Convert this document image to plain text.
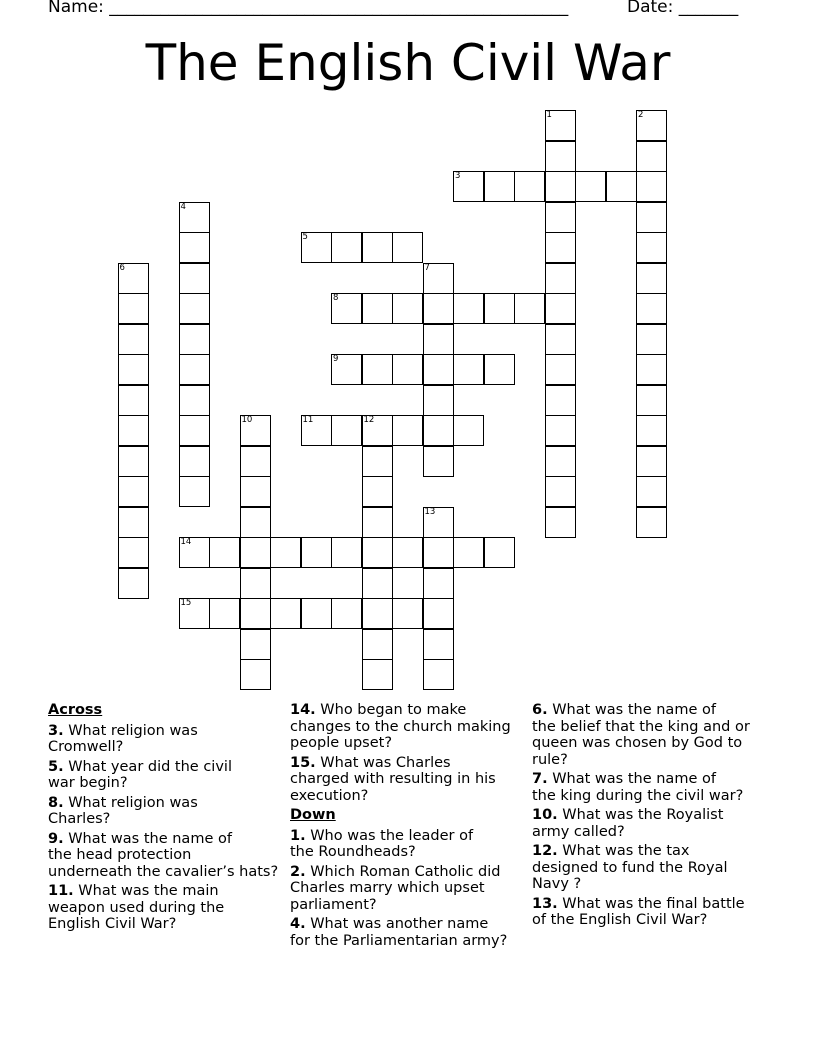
Name: ______________________________________________________	Date: _______
The English Civil War
1	2
3
4
5
6	7
8
9
10	11	12
13
14
15
Across
3. What religion was
Cromwell?
5. What year did the civil
war begin?
8. What religion was
Charles?
9. What was the name of
the head protection
underneath the cavalier’s hats?
11. What was the main
weapon used during the
English Civil War?
14. Who began to make
changes to the church making
people upset?
15. What was Charles
charged with resulting in his
execution?
Down
1. Who was the leader of
the Roundheads?
2. Which Roman Catholic did
Charles marry which upset
parliament?
4. What was another name
for the Parliamentarian army?
6. What was the name of
the belief that the king and or
queen was chosen by God to
rule?
7. What was the name of
the king during the civil war?
10. What was the Royalist
army called?
12. What was the tax
designed to fund the Royal
Navy ?
13. What was the final battle
of the English Civil War?
